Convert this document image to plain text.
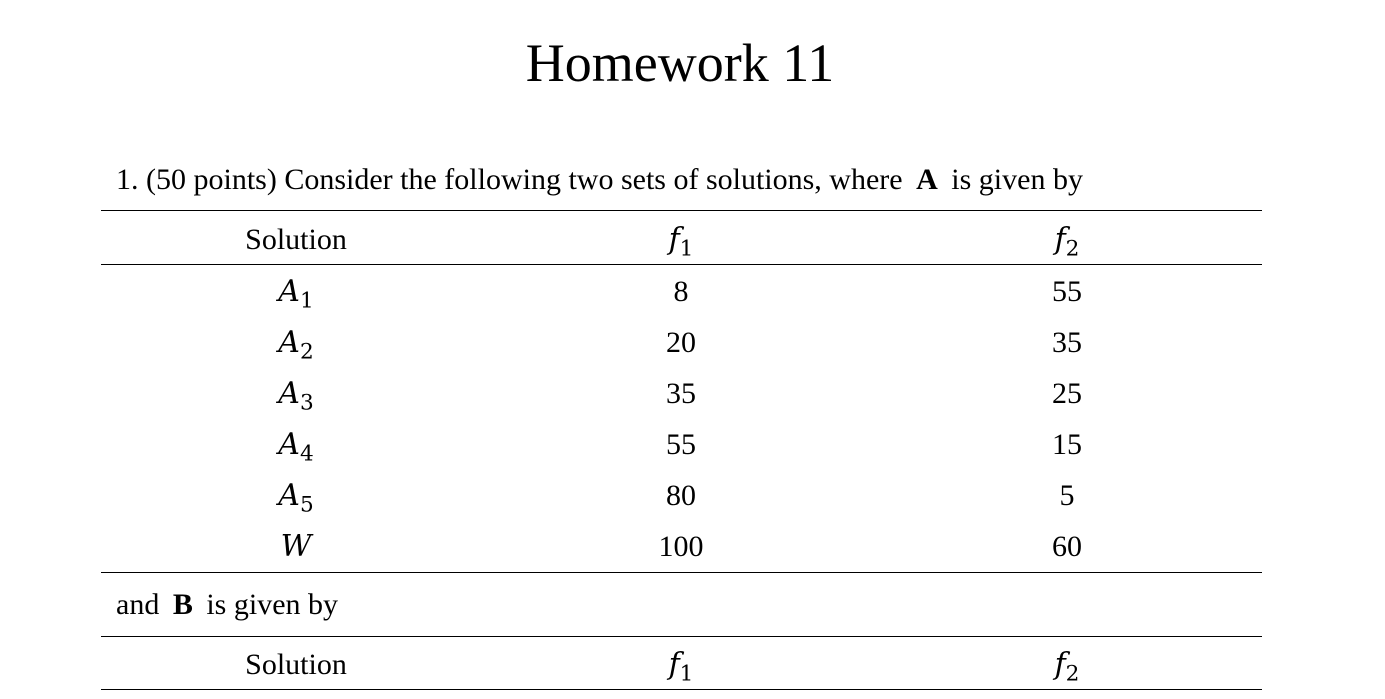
Homework 11
1. (50 points) Consider the following two sets of solutions, where A is given by
Solution	$f_1$	$f_2$
$A_1$	8	55
$A_2$	20	35
$A_3$	35	25
$A_4$	55	15
$A_5$	80	5
W	100	60
and B is given by
Solution	$f_1$	$f_2$
